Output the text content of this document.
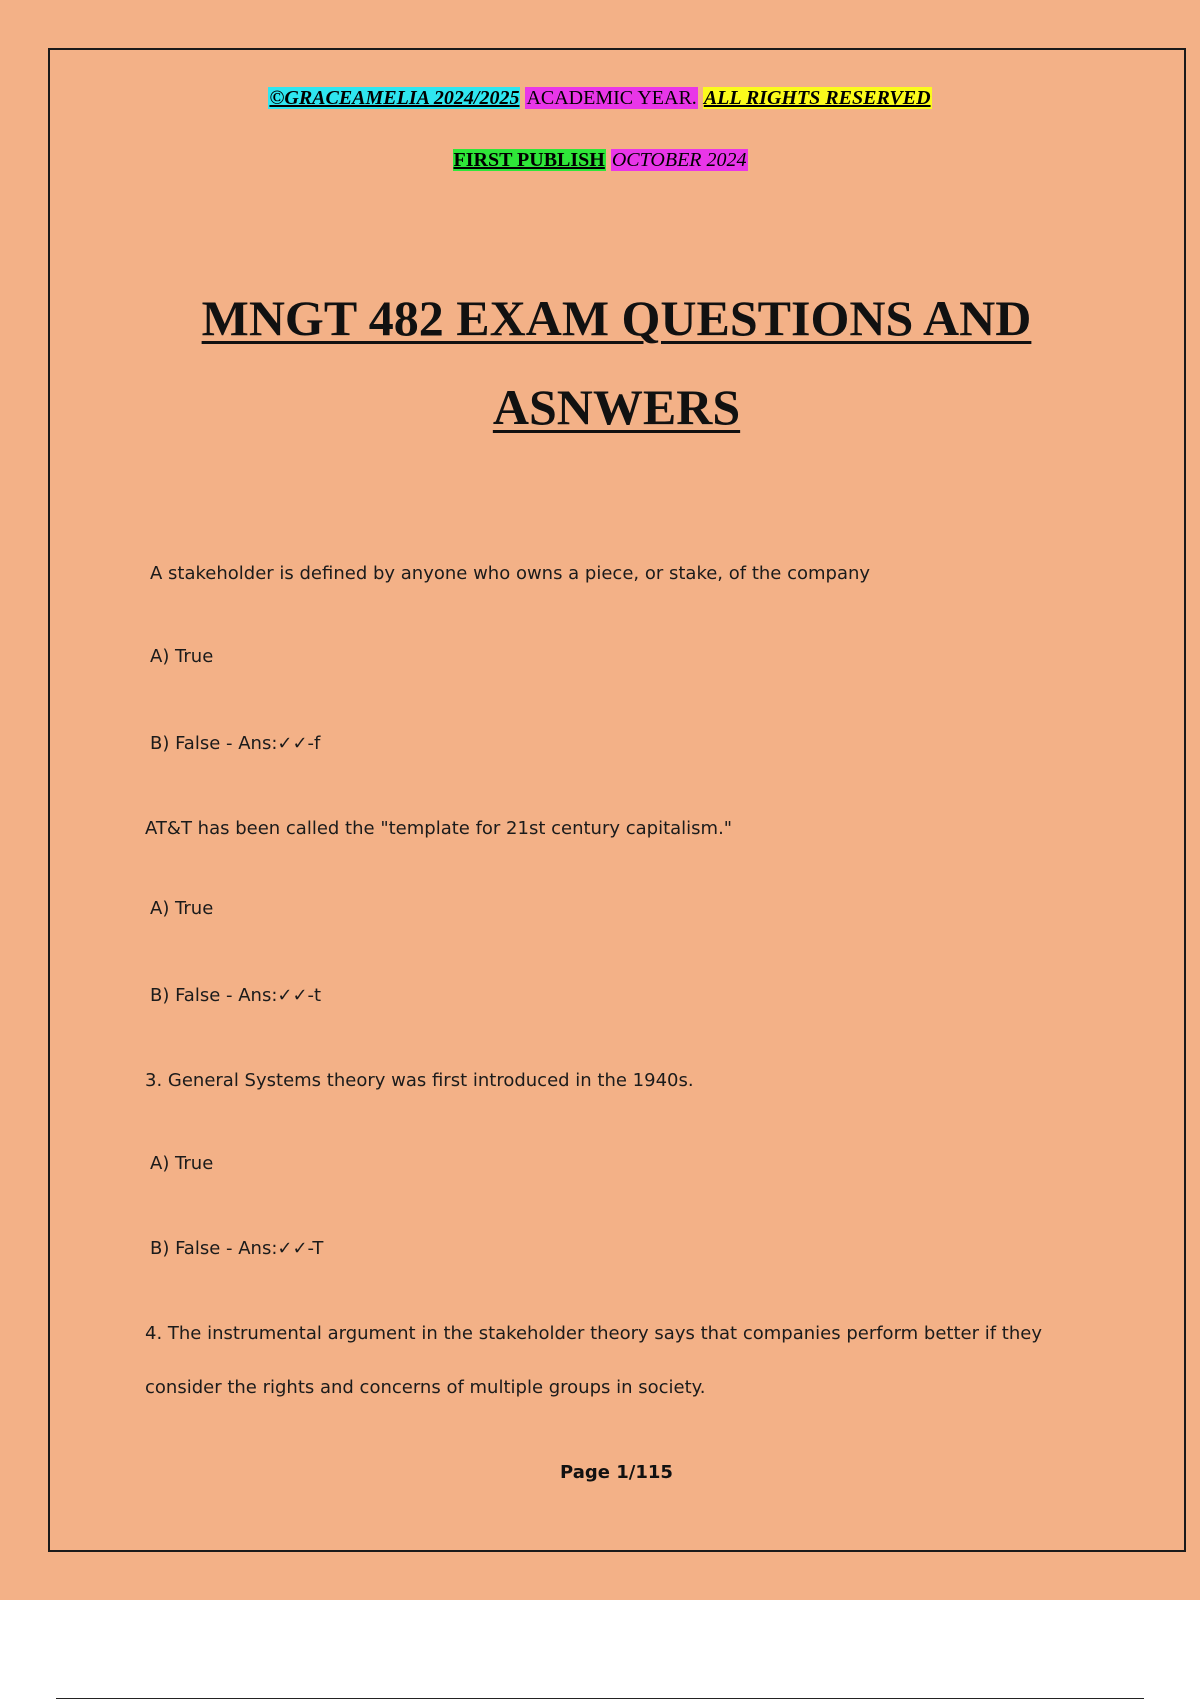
©GRACEAMELIA 2024/2025 ACADEMIC YEAR. ALL RIGHTS RESERVED
FIRST PUBLISH OCTOBER 2024
MNGT 482 EXAM QUESTIONS AND
ASNWERS
A stakeholder is defined by anyone who owns a piece, or stake, of the company
A) True
B) False - Ans:✓✓-f
AT&T has been called the "template for 21st century capitalism."
A) True
B) False - Ans:✓✓-t
3. General Systems theory was first introduced in the 1940s.
A) True
B) False - Ans:✓✓-T
4. The instrumental argument in the stakeholder theory says that companies perform better if they
consider the rights and concerns of multiple groups in society.
Page 1/115
